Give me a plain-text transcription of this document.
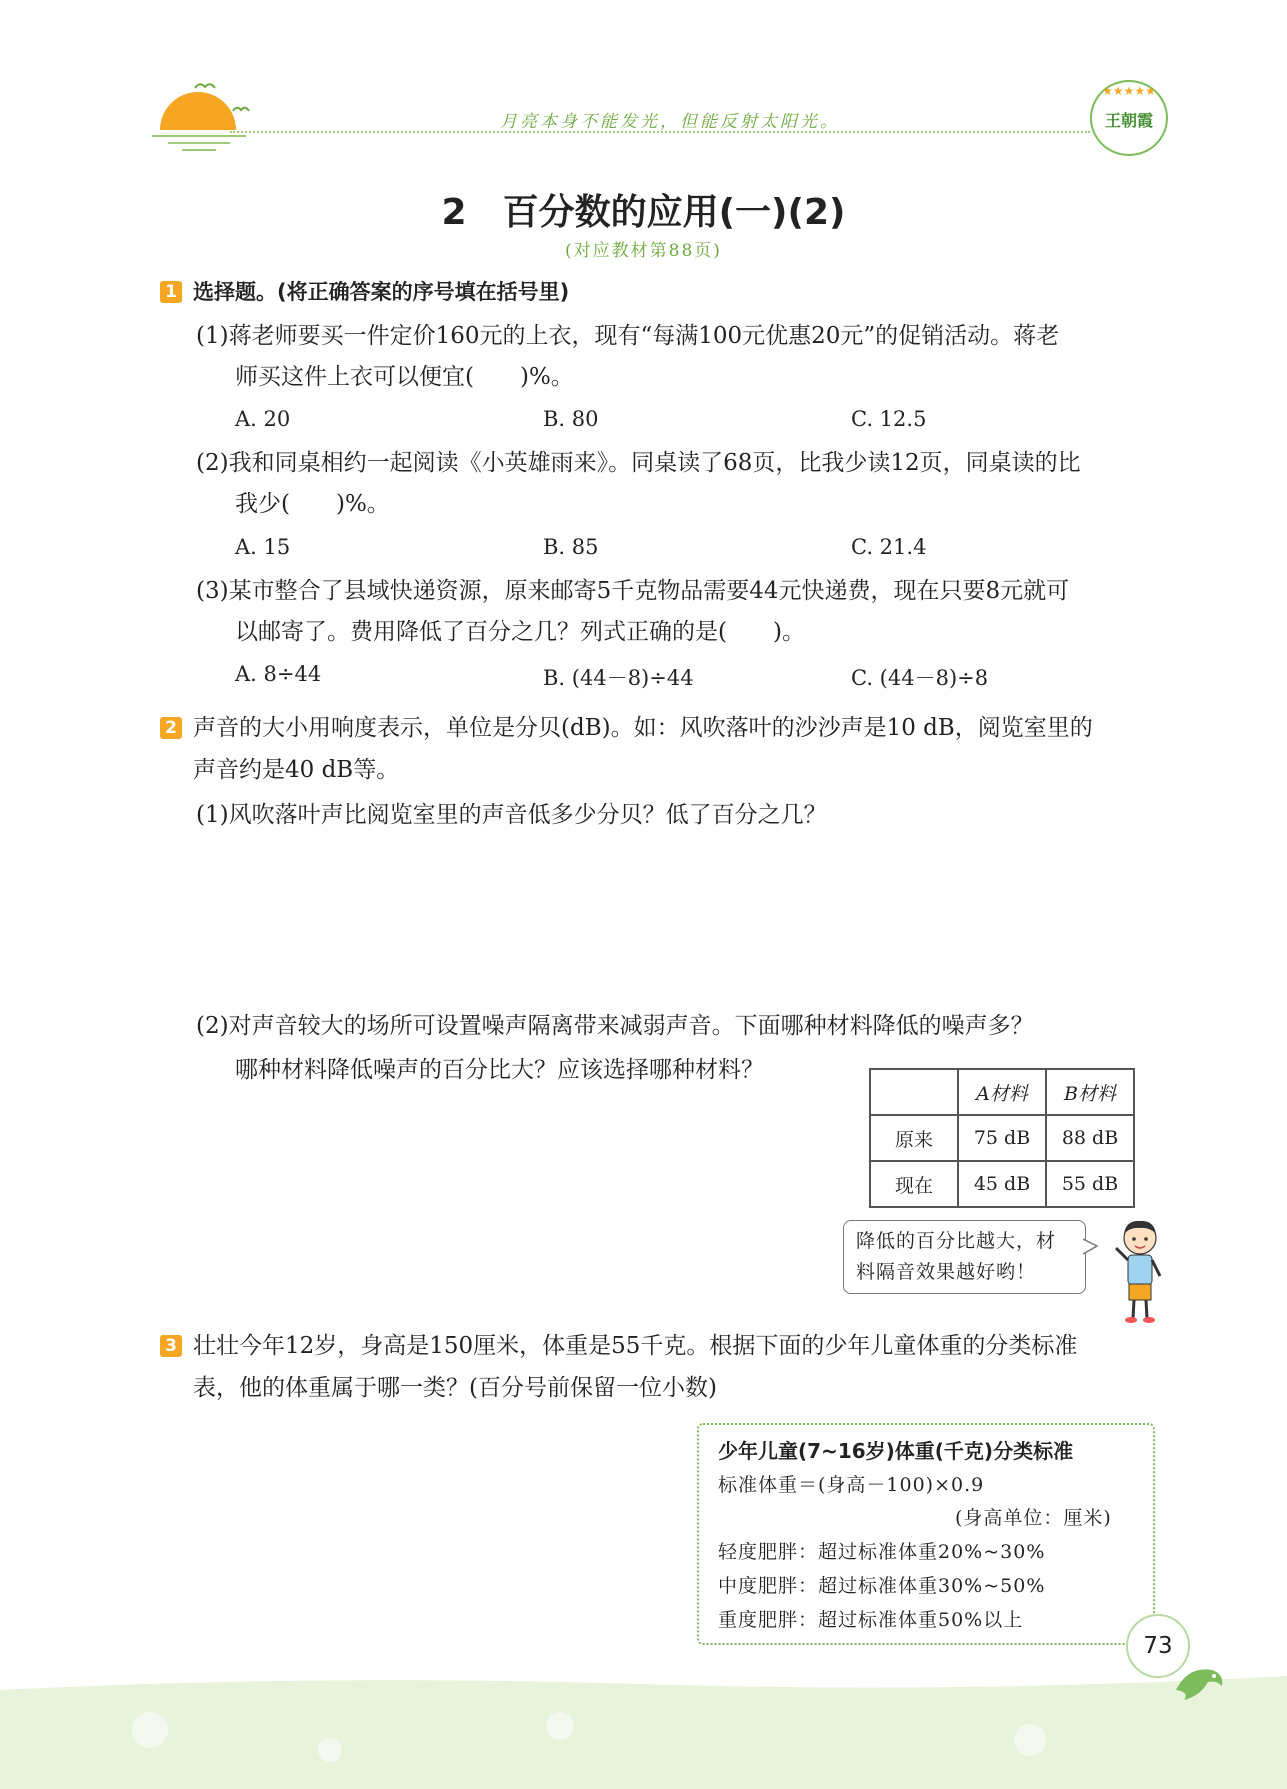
月亮本身不能发光，但能反射太阳光。
★★★★★
王朝霞
2　百分数的应用(一)(2)
(对应教材第88页)
1 选择题。(将正确答案的序号填在括号里)
(1)蒋老师要买一件定价160元的上衣，现有“每满100元优惠20元”的促销活动。蒋老
师买这件上衣可以便宜(　　)%。
A. 20	B. 80	C. 12.5
(2)我和同桌相约一起阅读《小英雄雨来》。同桌读了68页，比我少读12页，同桌读的比
我少(　　)%。
A. 15	B. 85	C. 21.4
(3)某市整合了县域快递资源，原来邮寄5千克物品需要44元快递费，现在只要8元就可
以邮寄了。费用降低了百分之几？列式正确的是(　　)。
A. 8÷44	B. (44－8)÷44	C. (44－8)÷8
2 声音的大小用响度表示，单位是分贝(dB)。如：风吹落叶的沙沙声是10 dB，阅览室里的
声音约是40 dB等。
(1)风吹落叶声比阅览室里的声音低多少分贝？低了百分之几？
(2)对声音较大的场所可设置噪声隔离带来减弱声音。下面哪种材料降低的噪声多？
哪种材料降低噪声的百分比大？应该选择哪种材料？
	A材料	B材料
原来	75 dB	88 dB
现在	45 dB	55 dB
降低的百分比越大，材
料隔音效果越好哟！
3 壮壮今年12岁，身高是150厘米，体重是55千克。根据下面的少年儿童体重的分类标准
表，他的体重属于哪一类？(百分号前保留一位小数)
少年儿童(7~16岁)体重(千克)分类标准
标准体重＝(身高－100)×0.9
(身高单位：厘米)
轻度肥胖：超过标准体重20%~30%
中度肥胖：超过标准体重30%~50%
重度肥胖：超过标准体重50%以上
73
